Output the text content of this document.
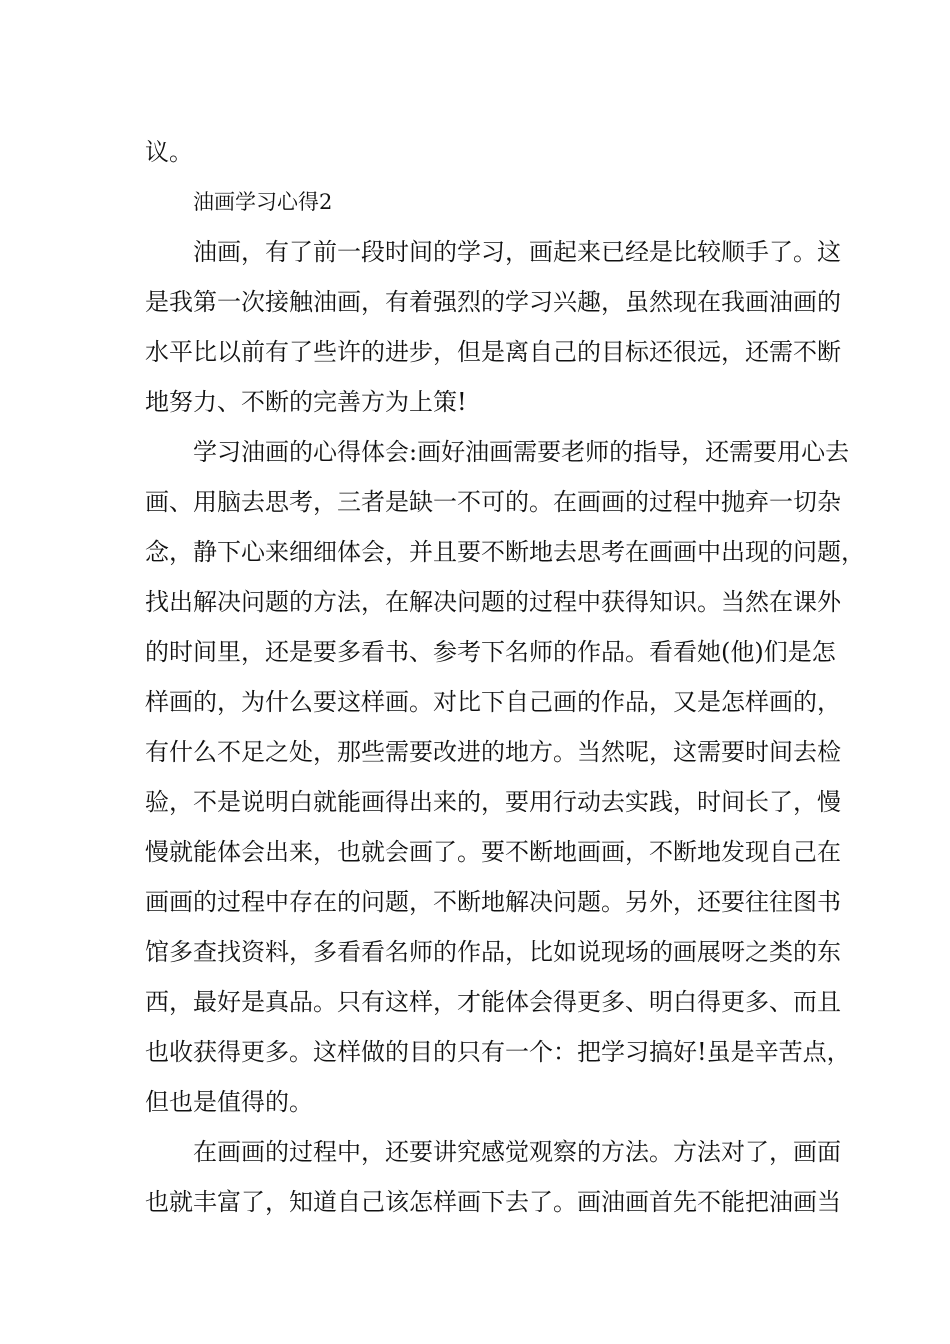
议。
油画学习心得2
油画，有了前一段时间的学习，画起来已经是比较顺手了。这
是我第一次接触油画，有着强烈的学习兴趣，虽然现在我画油画的
水平比以前有了些许的进步，但是离自己的目标还很远，还需不断
地努力、不断的完善方为上策!
学习油画的心得体会:画好油画需要老师的指导，还需要用心去
画、用脑去思考，三者是缺一不可的。在画画的过程中抛弃一切杂
念，静下心来细细体会，并且要不断地去思考在画画中出现的问题，
找出解决问题的方法，在解决问题的过程中获得知识。当然在课外
的时间里，还是要多看书、参考下名师的作品。看看她(他)们是怎
样画的，为什么要这样画。对比下自己画的作品，又是怎样画的，
有什么不足之处，那些需要改进的地方。当然呢，这需要时间去检
验，不是说明白就能画得出来的，要用行动去实践，时间长了，慢
慢就能体会出来，也就会画了。要不断地画画，不断地发现自己在
画画的过程中存在的问题，不断地解决问题。另外，还要往往图书
馆多查找资料，多看看名师的作品，比如说现场的画展呀之类的东
西，最好是真品。只有这样，才能体会得更多、明白得更多、而且
也收获得更多。这样做的目的只有一个：把学习搞好!虽是辛苦点，
但也是值得的。
在画画的过程中，还要讲究感觉观察的方法。方法对了，画面
也就丰富了，知道自己该怎样画下去了。画油画首先不能把油画当
